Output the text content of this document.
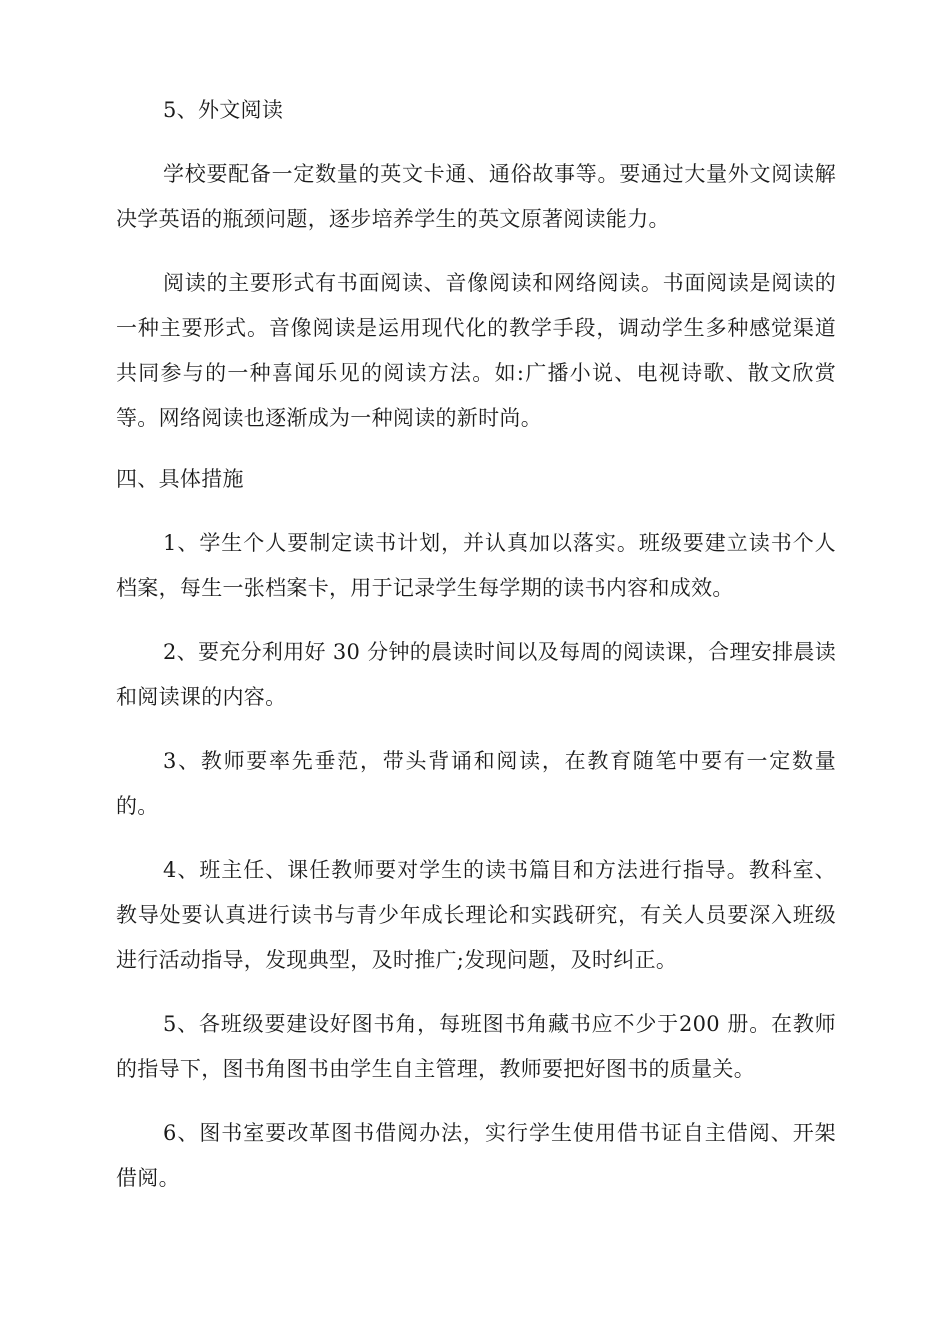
5、外文阅读

学校要配备一定数量的英文卡通、通俗故事等。要通过大量外文阅读解决学英语的瓶颈问题，逐步培养学生的英文原著阅读能力。

阅读的主要形式有书面阅读、音像阅读和网络阅读。书面阅读是阅读的一种主要形式。音像阅读是运用现代化的教学手段，调动学生多种感觉渠道共同参与的一种喜闻乐见的阅读方法。如:广播小说、电视诗歌、散文欣赏等。网络阅读也逐渐成为一种阅读的新时尚。

四、具体措施

1、学生个人要制定读书计划，并认真加以落实。班级要建立读书个人档案，每生一张档案卡，用于记录学生每学期的读书内容和成效。

2、要充分利用好 30 分钟的晨读时间以及每周的阅读课，合理安排晨读和阅读课的内容。

3、教师要率先垂范，带头背诵和阅读，在教育随笔中要有一定数量的。

4、班主任、课任教师要对学生的读书篇目和方法进行指导。教科室、教导处要认真进行读书与青少年成长理论和实践研究，有关人员要深入班级进行活动指导，发现典型，及时推广;发现问题，及时纠正。

5、各班级要建设好图书角，每班图书角藏书应不少于200 册。在教师的指导下，图书角图书由学生自主管理，教师要把好图书的质量关。

6、图书室要改革图书借阅办法，实行学生使用借书证自主借阅、开架借阅。
